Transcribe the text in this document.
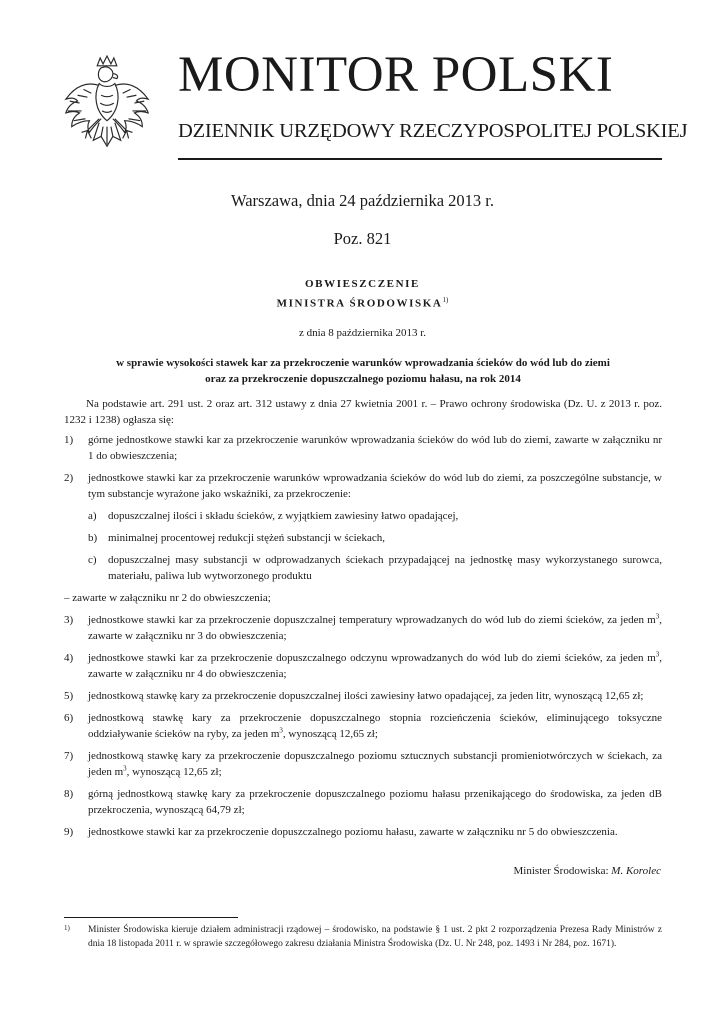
MONITOR POLSKI
DZIENNIK URZĘDOWY RZECZYPOSPOLITEJ POLSKIEJ
Warszawa, dnia 24 października 2013 r.
Poz. 821
OBWIESZCZENIE
MINISTRA ŚRODOWISKA$^{1)}$
z dnia 8 października 2013 r.
w sprawie wysokości stawek kar za przekroczenie warunków wprowadzania ścieków do wód lub do ziemi
oraz za przekroczenie dopuszczalnego poziomu hałasu, na rok 2014

Na podstawie art. 291 ust. 2 oraz art. 312 ustawy z dnia 27 kwietnia 2001 r. – Prawo ochrony środowiska (Dz. U. z 2013 r. poz. 1232 i 1238) ogłasza się:

1) górne jednostkowe stawki kar za przekroczenie warunków wprowadzania ścieków do wód lub do ziemi, zawarte w załączniku nr 1 do obwieszczenia;
2) jednostkowe stawki kar za przekroczenie warunków wprowadzania ścieków do wód lub do ziemi, za poszczególne substancje, w tym substancje wyrażone jako wskaźniki, za przekroczenie:
a) dopuszczalnej ilości i składu ścieków, z wyjątkiem zawiesiny łatwo opadającej,
b) minimalnej procentowej redukcji stężeń substancji w ściekach,
c) dopuszczalnej masy substancji w odprowadzanych ściekach przypadającej na jednostkę masy wykorzystanego surowca, materiału, paliwa lub wytworzonego produktu
– zawarte w załączniku nr 2 do obwieszczenia;
3) jednostkowe stawki kar za przekroczenie dopuszczalnej temperatury wprowadzanych do wód lub do ziemi ścieków, za jeden $m^3$, zawarte w załączniku nr 3 do obwieszczenia;
4) jednostkowe stawki kar za przekroczenie dopuszczalnego odczynu wprowadzanych do wód lub do ziemi ścieków, za jeden $m^3$, zawarte w załączniku nr 4 do obwieszczenia;
5) jednostkową stawkę kary za przekroczenie dopuszczalnej ilości zawiesiny łatwo opadającej, za jeden litr, wynoszącą 12,65 zł;
6) jednostkową stawkę kary za przekroczenie dopuszczalnego stopnia rozcieńczenia ścieków, eliminującego toksyczne oddziaływanie ścieków na ryby, za jeden $m^3$, wynoszącą 12,65 zł;
7) jednostkową stawkę kary za przekroczenie dopuszczalnego poziomu sztucznych substancji promieniotwórczych w ściekach, za jeden $m^3$, wynoszącą 12,65 zł;
8) górną jednostkową stawkę kary za przekroczenie dopuszczalnego poziomu hałasu przenikającego do środowiska, za jeden dB przekroczenia, wynoszącą 64,79 zł;
9) jednostkowe stawki kar za przekroczenie dopuszczalnego poziomu hałasu, zawarte w załączniku nr 5 do obwieszczenia.
Minister Środowiska: M. Korolec
1) Minister Środowiska kieruje działem administracji rządowej – środowisko, na podstawie § 1 ust. 2 pkt 2 rozporządzenia Prezesa Rady Ministrów z dnia 18 listopada 2011 r. w sprawie szczegółowego zakresu działania Ministra Środowiska (Dz. U. Nr 248, poz. 1493 i Nr 284, poz. 1671).
